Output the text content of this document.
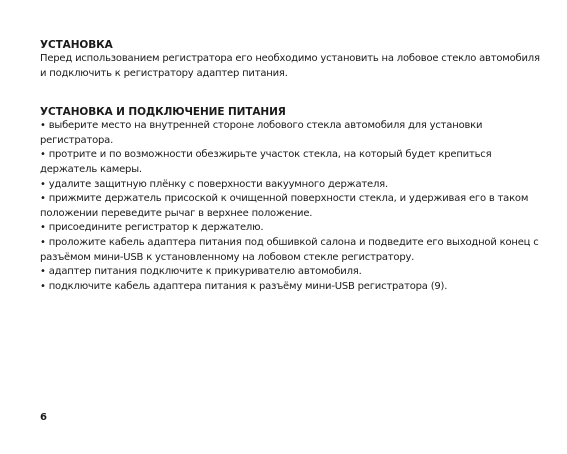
УСТАНОВКА

Перед использованием регистратора его необходимо установить на лобовое стекло автомобиля и подключить к регистратору адаптер питания.

УСТАНОВКА И ПОДКЛЮЧЕНИЕ ПИТАНИЯ
• выберите место на внутренней стороне лобового стекла автомобиля для установки регистратора.
• протрите и по возможности обезжирьте участок стекла, на который будет крепиться держатель камеры.
• удалите защитную плёнку с поверхности вакуумного держателя.
• прижмите держатель присоской к очищенной поверхности стекла, и удерживая его в таком положении переведите рычаг в верхнее положение.
• присоедините регистратор к держателю.
• проложите кабель адаптера питания под обшивкой салона и подведите его выходной конец с разъёмом мини-USB к установленному на лобовом стекле регистратору.
• адаптер питания подключите к прикуривателю автомобиля.
• подключите кабель адаптера питания к разъёму мини-USB регистратора (9).
6
